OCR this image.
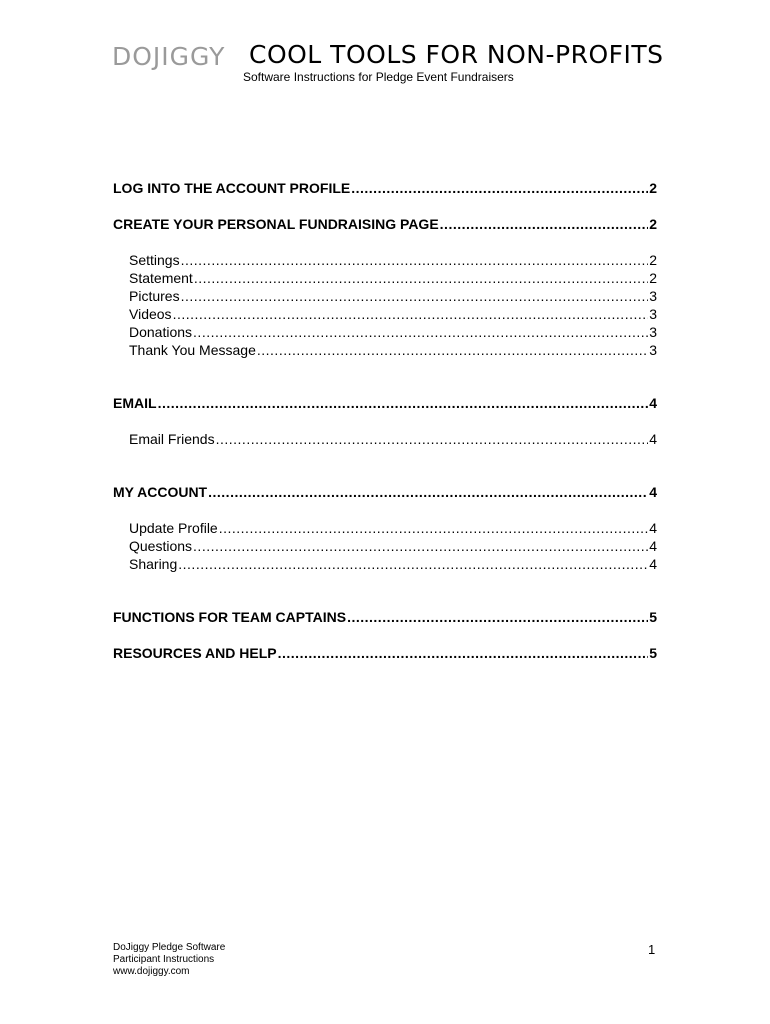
DOJIGGY COOL TOOLS FOR NON-PROFITS
Software Instructions for Pledge Event Fundraisers
LOG INTO THE ACCOUNT PROFILE .....	2
CREATE YOUR PERSONAL FUNDRAISING PAGE .....	2
Settings .....	2
Statement .....	2
Pictures .....	3
Videos .....	3
Donations .....	3
Thank You Message .....	3
EMAIL .....	4
Email Friends .....	4
MY ACCOUNT .....	4
Update Profile .....	4
Questions .....	4
Sharing .....	4
FUNCTIONS FOR TEAM CAPTAINS .....	5
RESOURCES AND HELP .....	5
DoJiggy Pledge Software
Participant Instructions
www.dojiggy.com
1
